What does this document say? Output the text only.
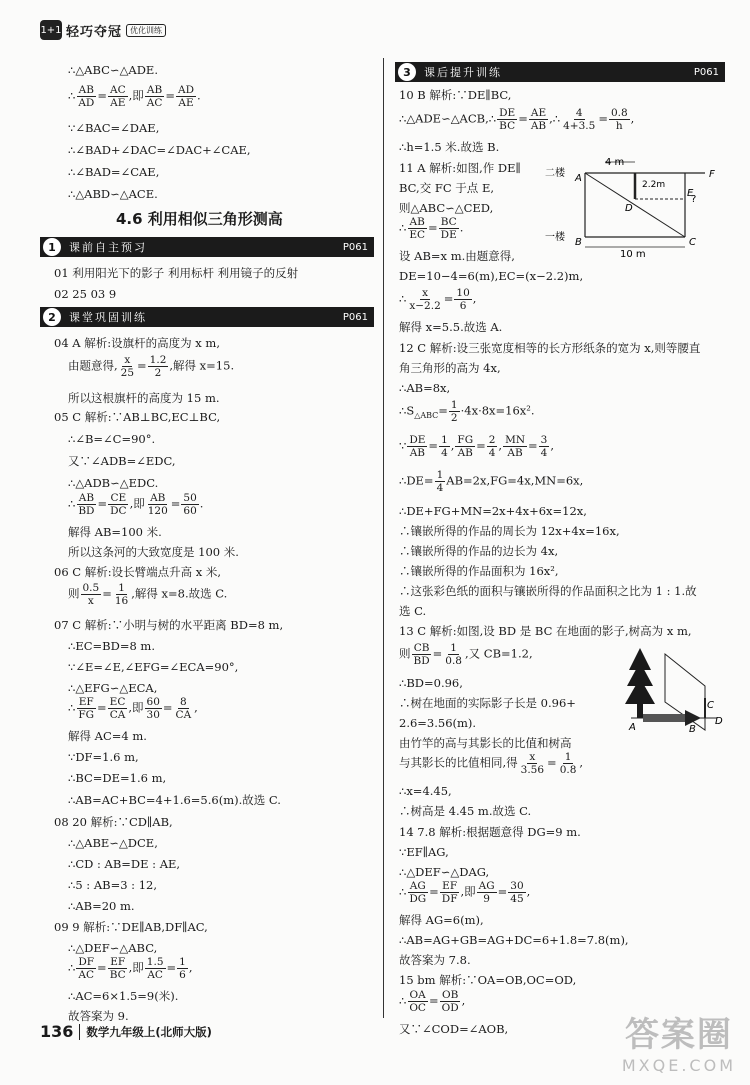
1+1 轻巧夺冠	优化训练
∴△ABC∽△ADE.
∴ $\frac{AB}{AD} = \frac{AC}{AE}$ ,即 $\frac{AB}{AC} = \frac{AD}{AE}$ .
∵∠BAC=∠DAE,
∴∠BAD+∠DAC=∠DAC+∠CAE,
∴∠BAD=∠CAE,
∴△ABD∽△ACE.
4.6 利用相似三角形测高
1	课前自主预习	P061
01 利用阳光下的影子 利用标杆 利用镜子的反射
02 25 03 9
2	课堂巩固训练	P061
04 A 解析:设旗杆的高度为 x m,
由题意得, $\frac{x}{25} = \frac{1.2}{2}$ ,解得 x=15.
所以这根旗杆的高度为 15 m.
05 C 解析:∵AB⊥BC,EC⊥BC,
∴∠B=∠C=90°.
又∵∠ADB=∠EDC,
∴△ADB∽△EDC.
∴ $\frac{AB}{BD} = \frac{CE}{DC}$ ,即 $\frac{AB}{120} = \frac{50}{60}$ .
解得 AB=100 米.
所以这条河的大致宽度是 100 米.
06 C 解析:设长臂端点升高 x 米,
则 $\frac{0.5}{x} = \frac{1}{16}$ ,解得 x=8.故选 C.
07 C 解析:∵小明与树的水平距离 BD=8 m,
∴EC=BD=8 m.
∵∠E=∠E,∠EFG=∠ECA=90°,
∴△EFG∽△ECA,
∴ $\frac{EF}{FG} = \frac{EC}{CA}$ ,即 $\frac{60}{30} = \frac{8}{CA}$ ,
解得 AC=4 m.
∵DF=1.6 m,
∴BC=DE=1.6 m,
∴AB=AC+BC=4+1.6=5.6(m).故选 C.
08 20 解析:∵CD∥AB,
∴△ABE∽△DCE,
∴CD : AB=DE : AE,
∴5 : AB=3 : 12,
∴AB=20 m.
09 9 解析:∵DE∥AB,DF∥AC,
∴△DEF∽△ABC,
∴ $\frac{DF}{AC} = \frac{EF}{BC}$ ,即 $\frac{1.5}{AC} = \frac{1}{6}$ ,
∴AC=6×1.5=9(米).
故答案为 9.
3	课后提升训练	P061
10 B 解析:∵DE∥BC,
∴△ADE∽△ACB,∴ $\frac{DE}{BC} = \frac{AE}{AB}$ ,∴ $\frac{4}{4+3.5} = \frac{0.8}{h}$ ,
∴h=1.5 米.故选 B.
11 A 解析:如图,作 DE∥
BC,交 FC 于点 E,
则△ABC∽△CED,
∴ $\frac{AB}{EC} = \frac{BC}{DE}$ .
设 AB=x m.由题意得,
DE=10−4=6(m),EC=(x−2.2)m,
∴ $\frac{x}{x-2.2} = \frac{10}{6}$ ,
解得 x=5.5.故选 A.
二楼
一楼
4 m
10 m
2.2m
?
A
B	C
D
E
F
12 C 解析:设三张宽度相等的长方形纸条的宽为 x,则等腰直
角三角形的高为 4x,
∴AB=8x,
$\therefore S_{\triangle ABC}= \frac{1}{2} \cdot 4x\cdot 8x=16x^2$.
∵ $\frac{DE}{AB} = \frac{1}{4}$ , $\frac{FG}{AB} = \frac{2}{4}$ , $\frac{MN}{AB} = \frac{3}{4}$ ,
∴DE= $\frac{1}{4} AB=2x,FG=4x,MN=6x$,
∴DE+FG+MN=2x+4x+6x=12x,
∴镶嵌所得的作品的周长为 12x+4x=16x,
∴镶嵌所得的作品的边长为 4x,
∴镶嵌所得的作品面积为 16x²,
∴这张彩色纸的面积与镶嵌所得的作品面积之比为 1 : 1.故
选 C.
13 C 解析:如图,设 BD 是 BC 在地面的影子,树高为 x m,
则 $\frac{CB}{BD} = \frac{1}{0.8}$ ,又 CB=1.2,
∴BD=0.96,
∴树在地面的实际影子长是 0.96+
2.6=3.56(m).
由竹竿的高与其影长的比值和树高
与其影长的比值相同,得 $\frac{x}{3.56} = \frac{1}{0.8}$ ,
∴x=4.45,
∴树高是 4.45 m.故选 C.
A	B
C
D
14 7.8 解析:根据题意得 DG=9 m.
∵EF∥AG,
∴△DEF∽△DAG,
∴ $\frac{AG}{DG} = \frac{EF}{DF}$ ,即 $\frac{AG}{9} = \frac{30}{45}$ ,
解得 AG=6(m),
∴AB=AG+GB=AG+DC=6+1.8=7.8(m),
故答案为 7.8.
15 bm 解析:∵OA=OB,OC=OD,
∴ $\frac{OA}{OC} = \frac{OB}{OD}$ ,
又∵∠COD=∠AOB,
136 数学九年级上(北师大版)	答案圈
MXQE.COM
